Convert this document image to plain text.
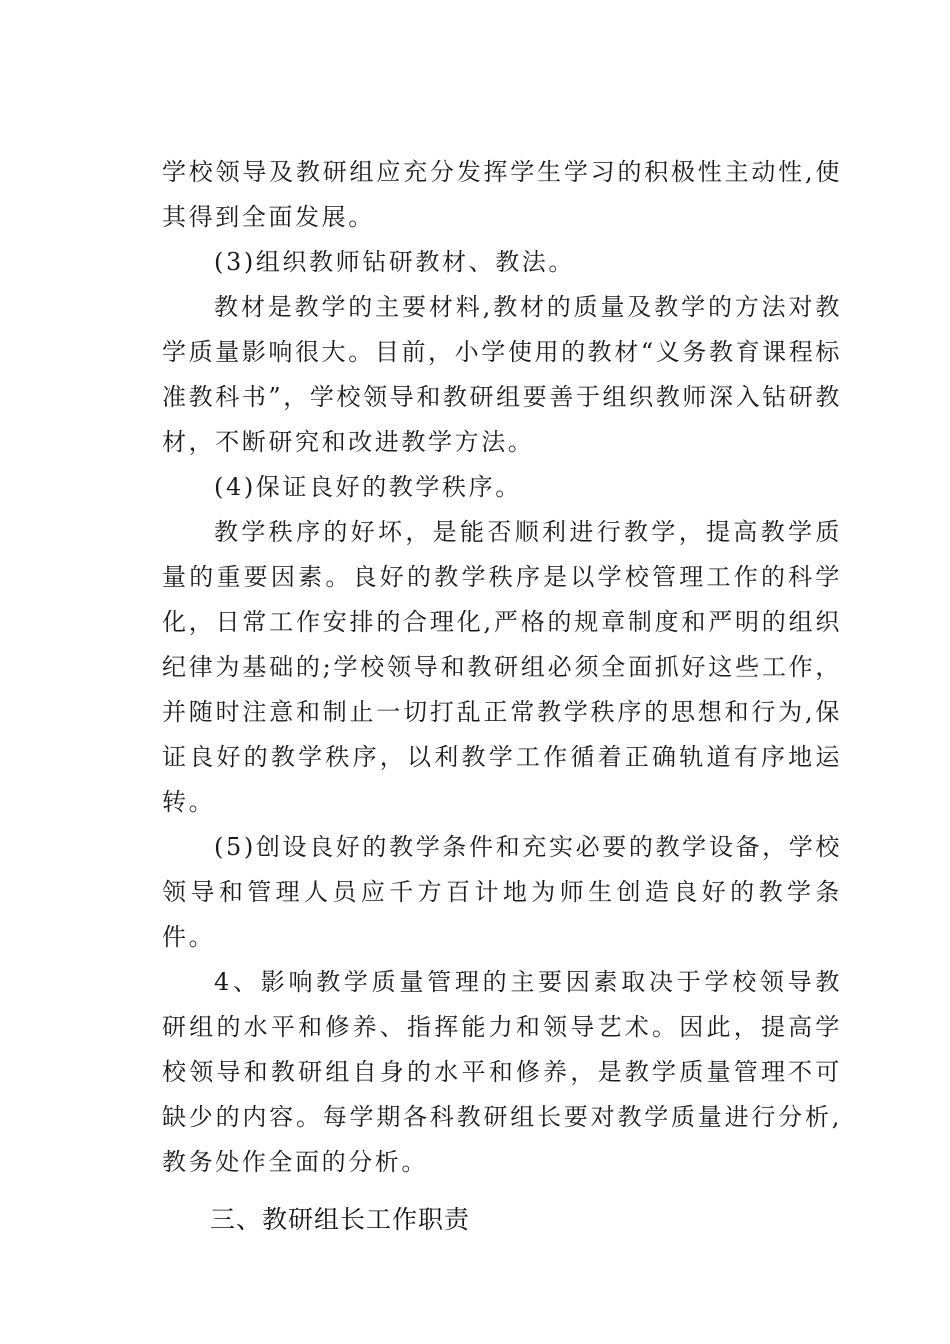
学校领导及教研组应充分发挥学生学习的积极性主动性,使其得到全面发展。

(3)组织教师钻研教材、教法。

教材是教学的主要材料,教材的质量及教学的方法对教学质量影响很大。目前，小学使用的教材“义务教育课程标准教科书”，学校领导和教研组要善于组织教师深入钻研教材，不断研究和改进教学方法。

(4)保证良好的教学秩序。

教学秩序的好坏，是能否顺利进行教学，提高教学质量的重要因素。良好的教学秩序是以学校管理工作的科学化，日常工作安排的合理化,严格的规章制度和严明的组织纪律为基础的;学校领导和教研组必须全面抓好这些工作，并随时注意和制止一切打乱正常教学秩序的思想和行为,保证良好的教学秩序，以利教学工作循着正确轨道有序地运转。

(5)创设良好的教学条件和充实必要的教学设备，学校领导和管理人员应千方百计地为师生创造良好的教学条件。

4、影响教学质量管理的主要因素取决于学校领导教研组的水平和修养、指挥能力和领导艺术。因此，提高学校领导和教研组自身的水平和修养，是教学质量管理不可缺少的内容。每学期各科教研组长要对教学质量进行分析,教务处作全面的分析。

三、教研组长工作职责
